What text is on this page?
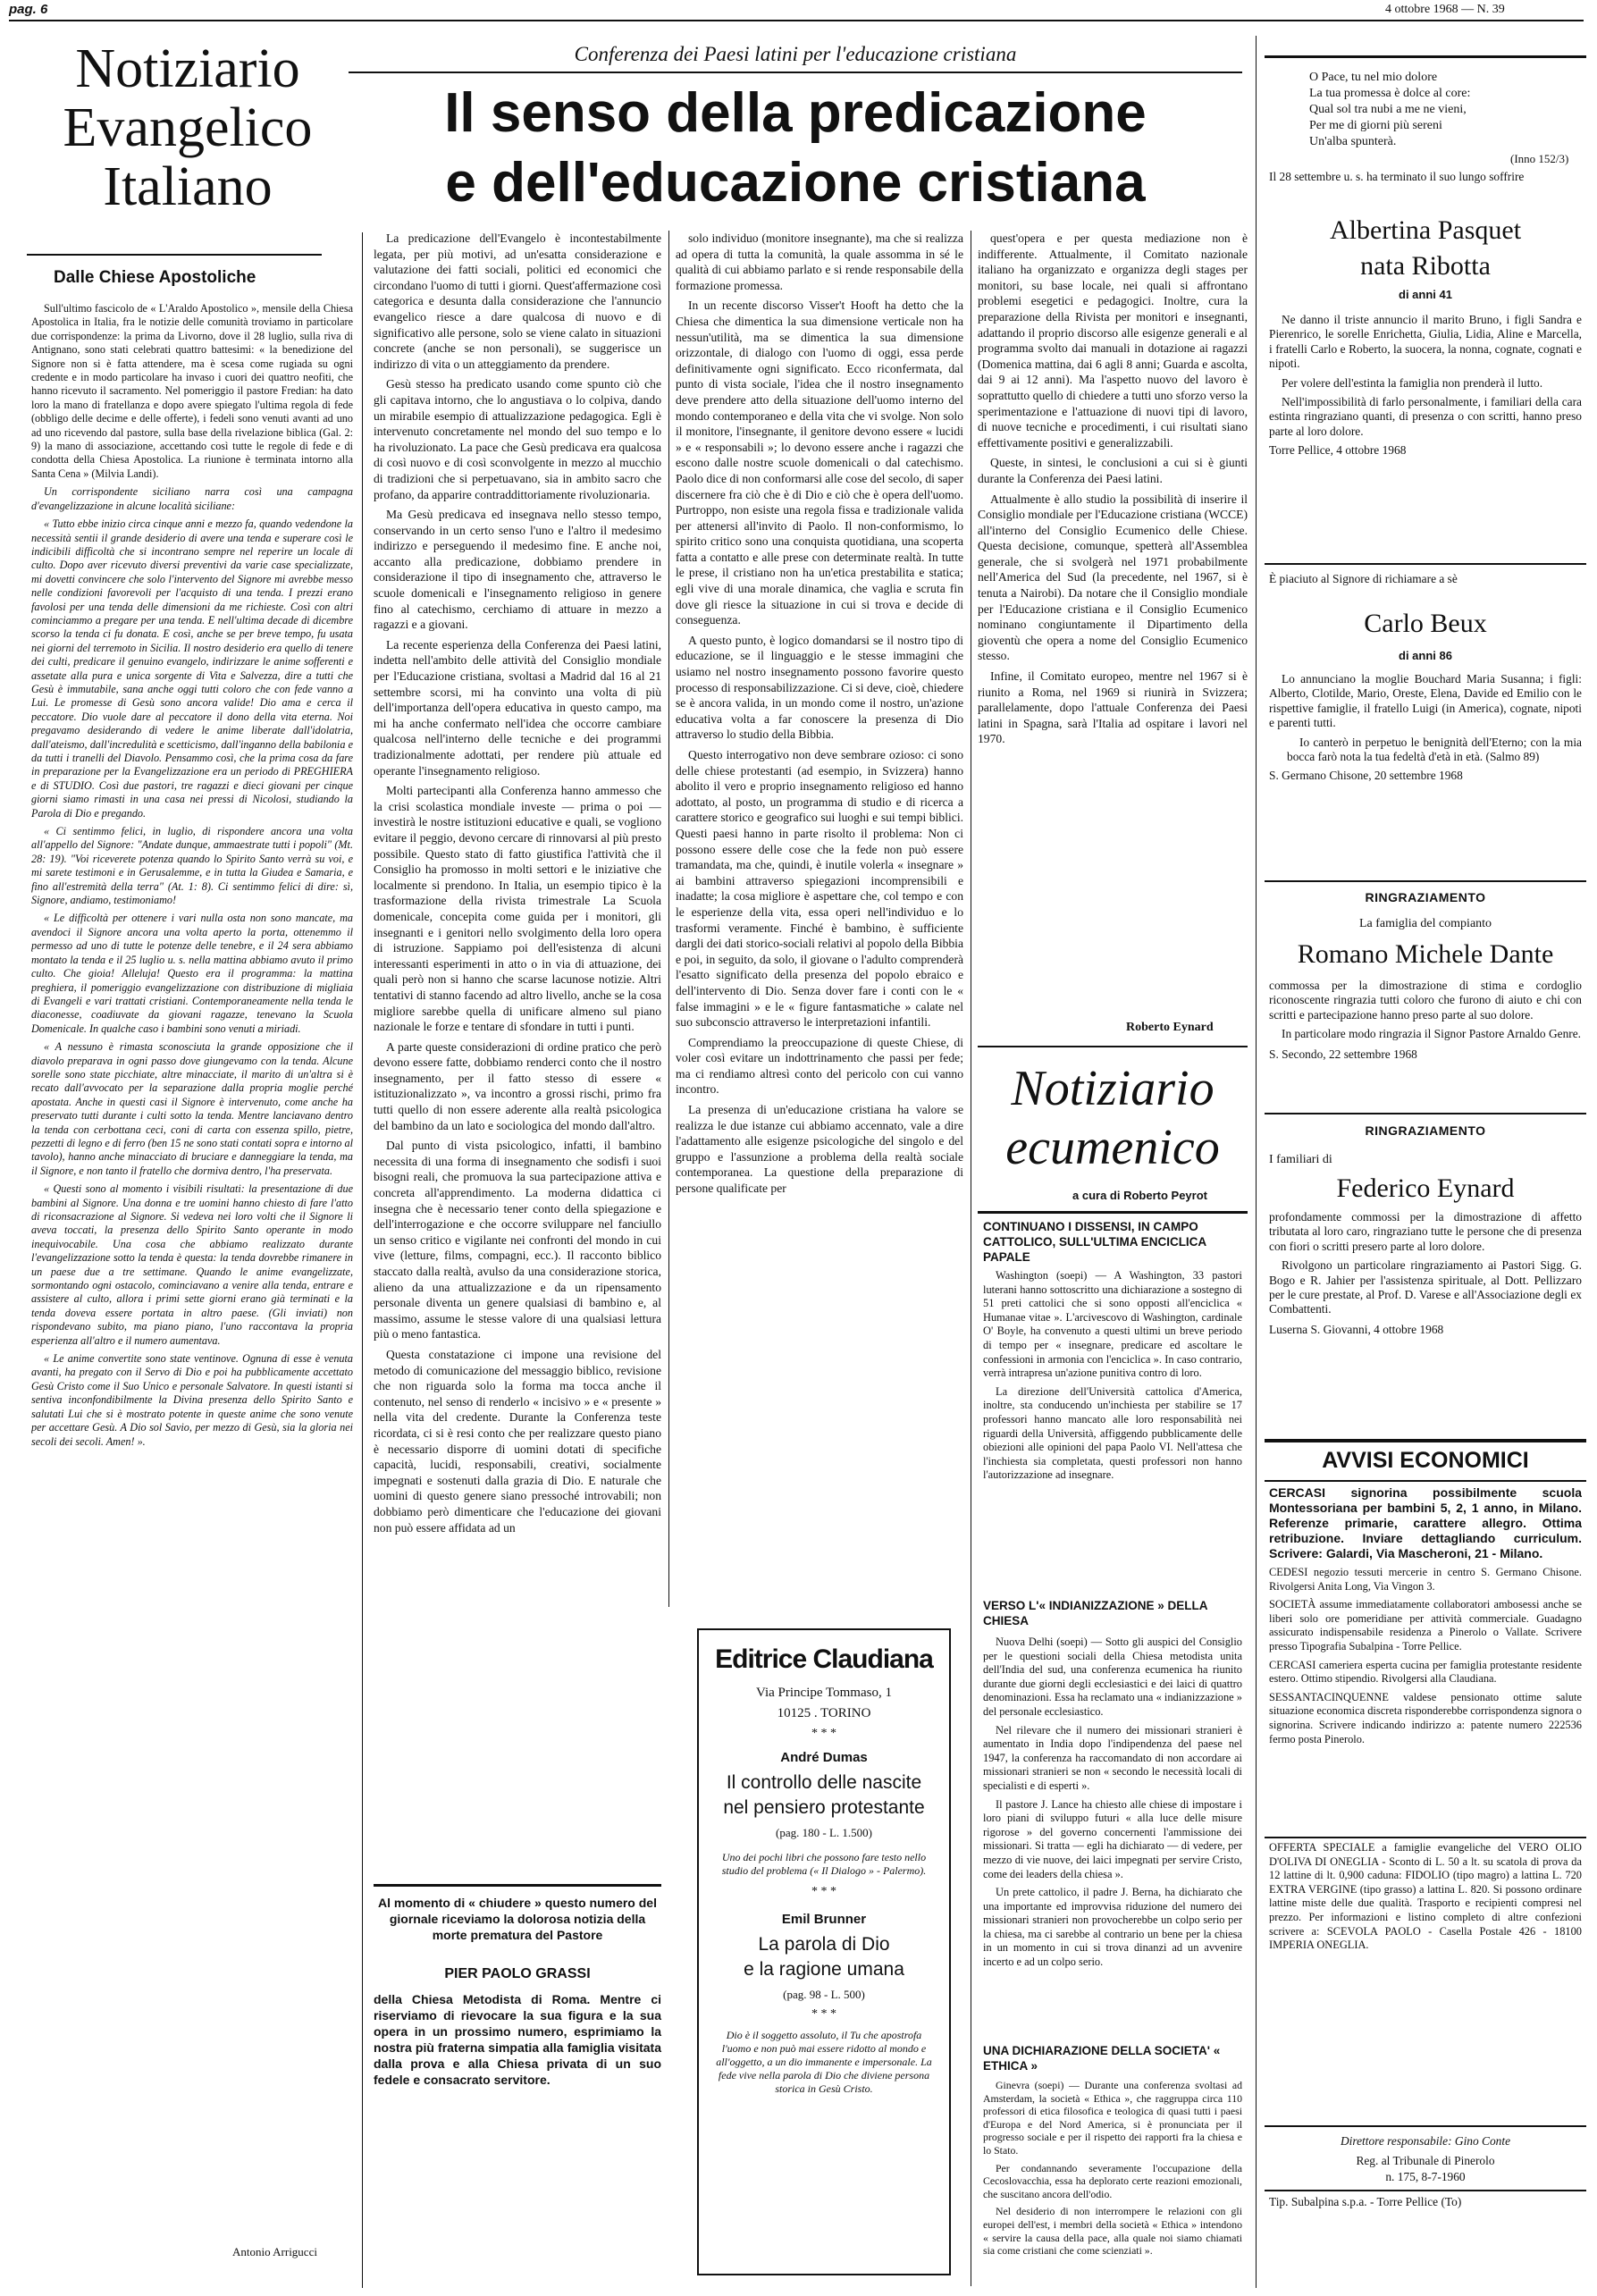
pag. 6	4 ottobre 1968 — N. 39
Notiziario
Evangelico
Italiano
Conferenza dei Paesi latini per l'educazione cristiana
Il senso della predicazione
e dell'educazione cristiana
Dalle Chiese Apostoliche

Sull'ultimo fascicolo de « L'Araldo Apostolico », mensile della Chiesa Apostolica in Italia, fra le notizie delle comunità troviamo in particolare due corrispondenze: la prima da Livorno, dove il 28 luglio, sulla riva di Antignano, sono stati celebrati quattro battesimi: « la benedizione del Signore non si è fatta attendere, ma è scesa come rugiada su ogni credente e in modo particolare ha invaso i cuori dei quattro neofiti, che hanno ricevuto il sacramento. Nel pomeriggio il pastore Fredian: ha dato loro la mano di fratellanza e dopo avere spiegato l'ultima regola di fede (obbligo delle decime e delle offerte), i fedeli sono venuti avanti ad uno ad uno ricevendo dal pastore, sulla base della rivelazione biblica (Gal. 2: 9) la mano di associazione, accettando così tutte le regole di fede e di condotta della Chiesa Apostolica. La riunione è terminata intorno alla Santa Cena » (Milvia Landi).

Un corrispondente siciliano narra così una campagna d'evangelizzazione in alcune località siciliane:

« Tutto ebbe inizio circa cinque anni e mezzo fa, quando vedendone la necessità sentii il grande desiderio di avere una tenda e superare così le indicibili difficoltà che si incontrano sempre nel reperire un locale di culto. Dopo aver ricevuto diversi preventivi da varie case specializzate, mi dovetti convincere che solo l'intervento del Signore mi avrebbe messo nelle condizioni favorevoli per l'acquisto di una tenda. I prezzi erano favolosi per una tenda delle dimensioni da me richieste. Così con altri cominciammo a pregare per una tenda. E nell'ultima decade di dicembre scorso la tenda ci fu donata. E così, anche se per breve tempo, fu usata nei giorni del terremoto in Sicilia. Il nostro desiderio era quello di tenere dei culti, predicare il genuino evangelo, indirizzare le anime sofferenti e assetate alla pura e unica sorgente di Vita e Salvezza, dire a tutti che Gesù è immutabile, sana anche oggi tutti coloro che con fede vanno a Lui. Le promesse di Gesù sono ancora valide! Dio ama e cerca il peccatore. Dio vuole dare al peccatore il dono della vita eterna. Noi pregavamo desiderando di vedere le anime liberate dall'idolatria, dall'ateismo, dall'incredulità e scetticismo, dall'inganno della babilonia e da tutti i tranelli del Diavolo. Pensammo così, che la prima cosa da fare in preparazione per la Evangelizzazione era un periodo di PREGHIERA e di STUDIO. Così due pastori, tre ragazzi e dieci giovani per cinque giorni siamo rimasti in una casa nei pressi di Nicolosi, studiando la Parola di Dio e pregando.

« Ci sentimmo felici, in luglio, di rispondere ancora una volta all'appello del Signore: "Andate dunque, ammaestrate tutti i popoli" (Mt. 28: 19). "Voi riceverete potenza quando lo Spirito Santo verrà su voi, e mi sarete testimoni e in Gerusalemme, e in tutta la Giudea e Samaria, e fino all'estremità della terra" (At. 1: 8). Ci sentimmo felici di dire: sì, Signore, andiamo, testimoniamo!

« Le difficoltà per ottenere i vari nulla osta non sono mancate, ma avendoci il Signore ancora una volta aperto la porta, ottenemmo il permesso ad uno di tutte le potenze delle tenebre, e il 24 sera abbiamo montato la tenda e il 25 luglio u. s. nella mattina abbiamo avuto il primo culto. Che gioia! Alleluja! Questo era il programma: la mattina preghiera, il pomeriggio evangelizzazione con distribuzione di migliaia di Evangeli e vari trattati cristiani. Contemporaneamente nella tenda le diaconesse, coadiuvate da giovani ragazze, tenevano la Scuola Domenicale. In qualche caso i bambini sono venuti a miriadi.

« A nessuno è rimasta sconosciuta la grande opposizione che il diavolo preparava in ogni passo dove giungevamo con la tenda. Alcune sorelle sono state picchiate, altre minacciate, il marito di un'altra si è recato dall'avvocato per la separazione dalla propria moglie perché apostata. Anche in questi casi il Signore è intervenuto, come anche ha preservato tutti durante i culti sotto la tenda. Mentre lanciavano dentro la tenda con cerbottana ceci, coni di carta con essenza spillo, pietre, pezzetti di legno e di ferro (ben 15 ne sono stati contati sopra e intorno al tavolo), hanno anche minacciato di bruciare e danneggiare la tenda, ma il Signore, e non tanto il fratello che dormiva dentro, l'ha preservata.

« Questi sono al momento i visibili risultati: la presentazione di due bambini al Signore. Una donna e tre uomini hanno chiesto di fare l'atto di riconsacrazione al Signore. Si vedeva nei loro volti che il Signore li aveva toccati, la presenza dello Spirito Santo operante in modo inequivocabile. Una cosa che abbiamo realizzato durante l'evangelizzazione sotto la tenda è questa: la tenda dovrebbe rimanere in un paese due a tre settimane. Quando le anime evangelizzate, sormontando ogni ostacolo, cominciavano a venire alla tenda, entrare e assistere al culto, allora i primi sette giorni erano già terminati e la tenda doveva essere portata in altro paese. (Gli inviati) non rispondevano subito, ma piano piano, l'uno raccontava la propria esperienza all'altro e il numero aumentava.

« Le anime convertite sono state ventinove. Ognuna di esse è venuta avanti, ha pregato con il Servo di Dio e poi ha pubblicamente accettato Gesù Cristo come il Suo Unico e personale Salvatore. In questi istanti si sentiva inconfondibilmente la Divina presenza dello Spirito Santo e salutati Lui che si è mostrato potente in queste anime che sono venute per accettare Gesù. A Dio sol Savio, per mezzo di Gesù, sia la gloria nei secoli dei secoli. Amen! ».

Antonio Arrigucci

La predicazione dell'Evangelo è incontestabilmente legata, per più motivi, ad un'esatta considerazione e valutazione dei fatti sociali, politici ed economici che circondano l'uomo di tutti i giorni. Quest'affermazione così categorica e desunta dalla considerazione che l'annuncio evangelico riesce a dare qualcosa di nuovo e di significativo alle persone, solo se viene calato in situazioni concrete (anche se non personali), se suggerisce un indirizzo di vita o un atteggiamento da prendere.

Gesù stesso ha predicato usando come spunto ciò che gli capitava intorno, che lo angustiava o lo colpiva, dando un mirabile esempio di attualizzazione pedagogica. Egli è intervenuto concretamente nel mondo del suo tempo e lo ha rivoluzionato. La pace che Gesù predicava era qualcosa di così nuovo e di così sconvolgente in mezzo al mucchio di tradizioni che si perpetuavano, sia in ambito sacro che profano, da apparire contraddittoriamente rivoluzionaria.

Ma Gesù predicava ed insegnava nello stesso tempo, conservando in un certo senso l'uno e l'altro il medesimo indirizzo e perseguendo il medesimo fine. E anche noi, accanto alla predicazione, dobbiamo prendere in considerazione il tipo di insegnamento che, attraverso le scuole domenicali e l'insegnamento religioso in genere fino al catechismo, cerchiamo di attuare in mezzo a ragazzi e a giovani.

La recente esperienza della Conferenza dei Paesi latini, indetta nell'ambito delle attività del Consiglio mondiale per l'Educazione cristiana, svoltasi a Madrid dal 16 al 21 settembre scorsi, mi ha convinto una volta di più dell'importanza dell'opera educativa in questo campo, ma mi ha anche confermato nell'idea che occorre cambiare qualcosa nell'interno delle tecniche e dei programmi tradizionalmente adottati, per rendere più attuale ed operante l'insegnamento religioso.

Molti partecipanti alla Conferenza hanno ammesso che la crisi scolastica mondiale investe — prima o poi — investirà le nostre istituzioni educative e quali, se vogliono evitare il peggio, devono cercare di rinnovarsi al più presto possibile. Questo stato di fatto giustifica l'attività che il Consiglio ha promosso in molti settori e le iniziative che localmente si prendono. In Italia, un esempio tipico è la trasformazione della rivista trimestrale La Scuola domenicale, concepita come guida per i monitori, gli insegnanti e i genitori nello svolgimento della loro opera di istruzione. Sappiamo poi dell'esistenza di alcuni interessanti esperimenti in atto o in via di attuazione, dei quali però non si hanno che scarse lacunose notizie. Altri tentativi di stanno facendo ad altro livello, anche se la cosa migliore sarebbe quella di unificare almeno sul piano nazionale le forze e tentare di sfondare in tutti i punti.

A parte queste considerazioni di ordine pratico che però devono essere fatte, dobbiamo renderci conto che il nostro insegnamento, per il fatto stesso di essere « istituzionalizzato », va incontro a grossi rischi, primo fra tutti quello di non essere aderente alla realtà psicologica del bambino da un lato e sociologica del mondo dall'altro.

Dal punto di vista psicologico, infatti, il bambino necessita di una forma di insegnamento che sodisfi i suoi bisogni reali, che promuova la sua partecipazione attiva e concreta all'apprendimento. La moderna didattica ci insegna che è necessario tener conto della spiegazione e dell'interrogazione e che occorre sviluppare nel fanciullo un senso critico e vigilante nei confronti del mondo in cui vive (letture, films, compagni, ecc.). Il racconto biblico staccato dalla realtà, avulso da una considerazione storica, alieno da una attualizzazione e da un ripensamento personale diventa un genere qualsiasi di bambino e, al massimo, assume le stesse valore di una qualsiasi lettura più o meno fantastica.

Questa constatazione ci impone una revisione del metodo di comunicazione del messaggio biblico, revisione che non riguarda solo la forma ma tocca anche il contenuto, nel senso di renderlo « incisivo » e « presente » nella vita del credente. Durante la Conferenza teste ricordata, ci si è resi conto che per realizzare questo piano è necessario disporre di uomini dotati di specifiche capacità, lucidi, responsabili, creativi, socialmente impegnati e sostenuti dalla grazia di Dio. E naturale che uomini di questo genere siano pressoché introvabili; non dobbiamo però dimenticare che l'educazione dei giovani non può essere affidata ad un

solo individuo (monitore insegnante), ma che si realizza ad opera di tutta la comunità, la quale assomma in sé le qualità di cui abbiamo parlato e si rende responsabile della formazione promessa.

In un recente discorso Visser't Hooft ha detto che la Chiesa che dimentica la sua dimensione verticale non ha nessun'utilità, ma se dimentica la sua dimensione orizzontale, di dialogo con l'uomo di oggi, essa perde definitivamente ogni significato. Ecco riconfermata, dal punto di vista sociale, l'idea che il nostro insegnamento deve prendere atto della situazione dell'uomo interno del mondo contemporaneo e della vita che vi svolge. Non solo il monitore, l'insegnante, il genitore devono essere « lucidi » e « responsabili »; lo devono essere anche i ragazzi che escono dalle nostre scuole domenicali o dal catechismo. Paolo dice di non conformarsi alle cose del secolo, di saper discernere fra ciò che è di Dio e ciò che è opera dell'uomo. Purtroppo, non esiste una regola fissa e tradizionale valida per attenersi all'invito di Paolo. Il non-conformismo, lo spirito critico sono una conquista quotidiana, una scoperta fatta a contatto e alle prese con determinate realtà. In tutte le prese, il cristiano non ha un'etica prestabilita e statica; egli vive di una morale dinamica, che vaglia e scruta fin dove gli riesce la situazione in cui si trova e decide di conseguenza.

A questo punto, è logico domandarsi se il nostro tipo di educazione, se il linguaggio e le stesse immagini che usiamo nel nostro insegnamento possono favorire questo processo di responsabilizzazione. Ci si deve, cioè, chiedere se è ancora valida, in un mondo come il nostro, un'azione educativa volta a far conoscere la presenza di Dio attraverso lo studio della Bibbia.

Questo interrogativo non deve sembrare ozioso: ci sono delle chiese protestanti (ad esempio, in Svizzera) hanno abolito il vero e proprio insegnamento religioso ed hanno adottato, al posto, un programma di studio e di ricerca a carattere storico e geografico sui luoghi e sui tempi biblici. Questi paesi hanno in parte risolto il problema: Non ci possono essere delle cose che la fede non può essere tramandata, ma che, quindi, è inutile volerla « insegnare » ai bambini attraverso spiegazioni incomprensibili e inadatte; la cosa migliore è aspettare che, col tempo e con le esperienze della vita, essa operi nell'individuo e lo trasformi veramente. Finché è bambino, è sufficiente dargli dei dati storico-sociali relativi al popolo della Bibbia e poi, in seguito, da solo, il giovane o l'adulto comprenderà l'esatto significato della presenza del popolo ebraico e dell'intervento di Dio. Senza dover fare i conti con le « false immagini » e le « figure fantasmatiche » calate nel suo subconscio attraverso le interpretazioni infantili.

Comprendiamo la preoccupazione di queste Chiese, di voler così evitare un indottrinamento che passi per fede; ma ci rendiamo altresì conto del pericolo con cui vanno incontro.

La presenza di un'educazione cristiana ha valore se realizza le due istanze cui abbiamo accennato, vale a dire l'adattamento alle esigenze psicologiche del singolo e del gruppo e l'assunzione a problema della realtà sociale contemporanea. La questione della preparazione di persone qualificate per

quest'opera e per questa mediazione non è indifferente. Attualmente, il Comitato nazionale italiano ha organizzato e organizza degli stages per monitori, su base locale, nei quali si affrontano problemi esegetici e pedagogici. Inoltre, cura la preparazione della Rivista per monitori e insegnanti, adattando il proprio discorso alle esigenze generali e al programma svolto dai manuali in dotazione ai ragazzi (Domenica mattina, dai 6 agli 8 anni; Guarda e ascolta, dai 9 ai 12 anni). Ma l'aspetto nuovo del lavoro è soprattutto quello di chiedere a tutti uno sforzo verso la sperimentazione e l'attuazione di nuovi tipi di lavoro, di nuove tecniche e procedimenti, i cui risultati siano effettivamente positivi e generalizzabili.

Queste, in sintesi, le conclusioni a cui si è giunti durante la Conferenza dei Paesi latini.

Attualmente è allo studio la possibilità di inserire il Consiglio mondiale per l'Educazione cristiana (WCCE) all'interno del Consiglio Ecumenico delle Chiese. Questa decisione, comunque, spetterà all'Assemblea generale, che si svolgerà nel 1971 probabilmente nell'America del Sud (la precedente, nel 1967, si è tenuta a Nairobi). Da notare che il Consiglio mondiale per l'Educazione cristiana e il Consiglio Ecumenico nominano congiuntamente il Dipartimento della gioventù che opera a nome del Consiglio Ecumenico stesso.

Infine, il Comitato europeo, mentre nel 1967 si è riunito a Roma, nel 1969 si riunirà in Svizzera; parallelamente, dopo l'attuale Conferenza dei Paesi latini in Spagna, sarà l'Italia ad ospitare i lavori nel 1970.

Roberto Eynard
Al momento di « chiudere » questo numero del giornale riceviamo la dolorosa notizia della morte prematura del Pastore
PIER PAOLO GRASSI
della Chiesa Metodista di Roma. Mentre ci riserviamo di rievocare la sua figura e la sua opera in un prossimo numero, esprimiamo la nostra più fraterna simpatia alla famiglia visitata dalla prova e alla Chiesa privata di un suo fedele e consacrato servitore.
Editrice Claudiana
Via Principe Tommaso, 1
10125 . TORINO
* * *
André Dumas
Il controllo delle nascite
nel pensiero protestante
(pag. 180 - L. 1.500)
Uno dei pochi libri che possono fare testo nello studio del problema (« Il Dialogo » - Palermo).
* * *
Emil Brunner
La parola di Dio
e la ragione umana
(pag. 98 - L. 500)
* * *
Dio è il soggetto assoluto, il Tu che apostrofa l'uomo e non può mai essere ridotto al mondo e all'oggetto, a un dio immanente e impersonale. La fede vive nella parola di Dio che diviene persona storica in Gesù Cristo.
Notiziario
ecumenico
a cura di Roberto Peyrot
CONTINUANO I DISSENSI, IN CAMPO CATTOLICO, SULL'ULTIMA ENCICLICA PAPALE

Washington (soepi) — A Washington, 33 pastori luterani hanno sottoscritto una dichiarazione a sostegno di 51 preti cattolici che si sono opposti all'enciclica « Humanae vitae ». L'arcivescovo di Washington, cardinale O' Boyle, ha convenuto a questi ultimi un breve periodo di tempo per « insegnare, predicare ed ascoltare le confessioni in armonia con l'enciclica ». In caso contrario, verrà intrapresa un'azione punitiva contro di loro.

La direzione dell'Università cattolica d'America, inoltre, sta conducendo un'inchiesta per stabilire se 17 professori hanno mancato alle loro responsabilità nei riguardi della Università, affiggendo pubblicamente delle obiezioni alle opinioni del papa Paolo VI. Nell'attesa che l'inchiesta sia completata, questi professori non hanno l'autorizzazione ad insegnare.

VERSO L'« INDIANIZZAZIONE » DELLA CHIESA

Nuova Delhi (soepi) — Sotto gli auspici del Consiglio per le questioni sociali della Chiesa metodista unita dell'India del sud, una conferenza ecumenica ha riunito durante due giorni degli ecclesiastici e dei laici di quattro denominazioni. Essa ha reclamato una « indianizzazione » del personale ecclesiastico.

Nel rilevare che il numero dei missionari stranieri è aumentato in India dopo l'indipendenza del paese nel 1947, la conferenza ha raccomandato di non accordare ai missionari stranieri se non « secondo le necessità locali di specialisti e di esperti ».

Il pastore J. Lance ha chiesto alle chiese di impostare i loro piani di sviluppo futuri « alla luce delle misure rigorose » del governo concernenti l'ammissione dei missionari. Si tratta — egli ha dichiarato — di vedere, per mezzo di vie nuove, dei laici impegnati per servire Cristo, come dei leaders della chiesa ».

Un prete cattolico, il padre J. Berna, ha dichiarato che una importante ed improvvisa riduzione del numero dei missionari stranieri non provocherebbe un colpo serio per la chiesa, ma ci sarebbe al contrario un bene per la chiesa in un momento in cui si trova dinanzi ad un avvenire incerto e ad un colpo serio.

UNA DICHIARAZIONE DELLA SOCIETA' « ETHICA »

Ginevra (soepi) — Durante una conferenza svoltasi ad Amsterdam, la società « Ethica », che raggruppa circa 110 professori di etica filosofica e teologica di quasi tutti i paesi d'Europa e del Nord America, si è pronunciata per il progresso sociale e per il rispetto dei rapporti fra la chiesa e lo Stato.

Per condannando severamente l'occupazione della Cecoslovacchia, essa ha deplorato certe reazioni emozionali, che suscitano ancora dell'odio.

Nel desiderio di non interrompere le relazioni con gli europei dell'est, i membri della società « Ethica » intendono « servire la causa della pace, alla quale noi siamo chiamati sia come cristiani che come scienziati ».

O Pace, tu nel mio dolore
La tua promessa è dolce al core:
Qual sol tra nubi a me ne vieni,
Per me di giorni più sereni
Un'alba spunterà.
(Inno 152/3)
Il 28 settembre u. s. ha terminato il suo lungo soffrire
Albertina Pasquet
nata Ribotta
di anni 41

Ne danno il triste annuncio il marito Bruno, i figli Sandra e Pierenrico, le sorelle Enrichetta, Giulia, Lidia, Aline e Marcella, i fratelli Carlo e Roberto, la suocera, la nonna, cognate, cognati e nipoti.

Per volere dell'estinta la famiglia non prenderà il lutto.

Nell'impossibilità di farlo personalmente, i familiari della cara estinta ringraziano quanti, di presenza o con scritti, hanno preso parte al loro dolore.

Torre Pellice, 4 ottobre 1968

È piaciuto al Signore di richiamare a sè
Carlo Beux
di anni 86

Lo annunciano la moglie Bouchard Maria Susanna; i figli: Alberto, Clotilde, Mario, Oreste, Elena, Davide ed Emilio con le rispettive famiglie, il fratello Luigi (in America), cognate, nipoti e parenti tutti.

Io canterò in perpetuo le benignità dell'Eterno; con la mia bocca farò nota la tua fedeltà d'età in età. (Salmo 89)

S. Germano Chisone, 20 settembre 1968

RINGRAZIAMENTO
La famiglia del compianto
Romano Michele Dante

commossa per la dimostrazione di stima e cordoglio riconoscente ringrazia tutti coloro che furono di aiuto e chi con scritti e partecipazione hanno preso parte al suo dolore.

In particolare modo ringrazia il Signor Pastore Arnaldo Genre.

S. Secondo, 22 settembre 1968

RINGRAZIAMENTO
I familiari di
Federico Eynard

profondamente commossi per la dimostrazione di affetto tributata al loro caro, ringraziano tutte le persone che di presenza con fiori o scritti presero parte al loro dolore.

Rivolgono un particolare ringraziamento ai Pastori Sigg. G. Bogo e R. Jahier per l'assistenza spirituale, al Dott. Pellizzaro per le cure prestate, al Prof. D. Varese e all'Associazione degli ex Combattenti.

Luserna S. Giovanni, 4 ottobre 1968

AVVISI ECONOMICI

CERCASI signorina possibilmente scuola Montessoriana per bambini 5, 2, 1 anno, in Milano. Referenze primarie, carattere allegro. Ottima retribuzione. Inviare dettagliando curriculum. Scrivere: Galardi, Via Mascheroni, 21 - Milano.

CEDESI negozio tessuti mercerie in centro S. Germano Chisone. Rivolgersi Anita Long, Via Vingon 3.

SOCIETÀ assume immediatamente collaboratori ambosessi anche se liberi solo ore pomeridiane per attività commerciale. Guadagno assicurato indispensabile residenza a Pinerolo o Vallate. Scrivere presso Tipografia Subalpina - Torre Pellice.

CERCASI cameriera esperta cucina per famiglia protestante residente estero. Ottimo stipendio. Rivolgersi alla Claudiana.

SESSANTACINQUENNE valdese pensionato ottime salute situazione economica discreta risponderebbe corrispondenza signora o signorina. Scrivere indicando indirizzo a: patente numero 222536 fermo posta Pinerolo.

OFFERTA SPECIALE a famiglie evangeliche del VERO OLIO D'OLIVA DI ONEGLIA - Sconto di L. 50 a lt. su scatola di prova da 12 lattine di lt. 0,900 caduna: FIDOLIO (tipo magro) a lattina L. 720 EXTRA VERGINE (tipo grasso) a lattina L. 820. Si possono ordinare lattine miste delle due qualità. Trasporto e recipienti compresi nel prezzo. Per informazioni e listino completo di altre confezioni scrivere a: SCEVOLA PAOLO - Casella Postale 426 - 18100 IMPERIA ONEGLIA.

Direttore responsabile: Gino Conte
Reg. al Tribunale di Pinerolo
n. 175, 8-7-1960
Tip. Subalpina s.p.a. - Torre Pellice (To)
